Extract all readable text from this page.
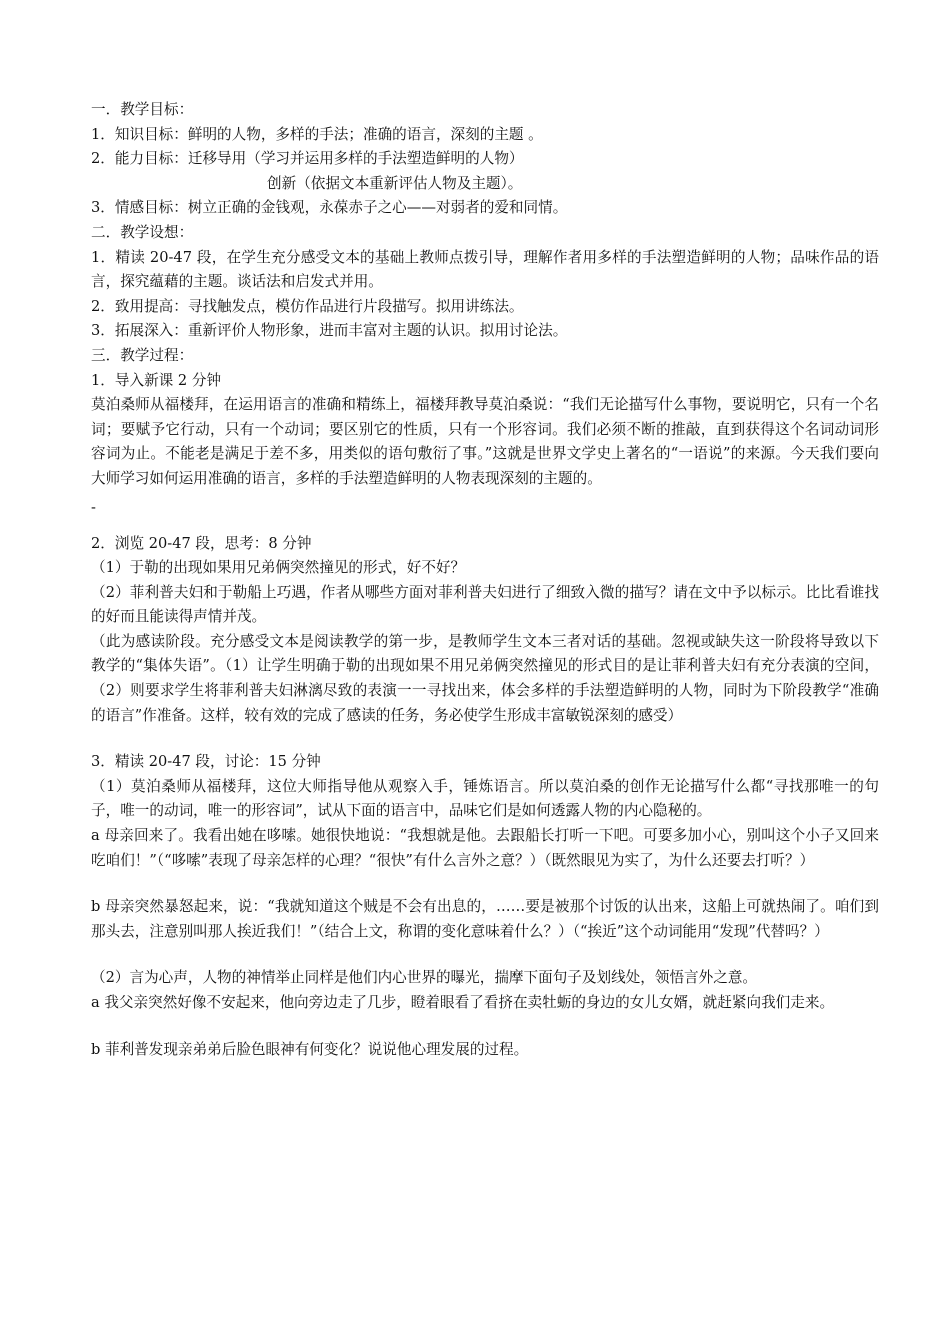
一．教学目标：
1．知识目标：鲜明的人物，多样的手法；准确的语言，深刻的主题 。
2．能力目标：迁移导用（学习并运用多样的手法塑造鲜明的人物）
创新（依据文本重新评估人物及主题）。
3．情感目标：树立正确的金钱观，永葆赤子之心——对弱者的爱和同情。
二．教学设想：
1．精读 20-47 段，在学生充分感受文本的基础上教师点拨引导，理解作者用多样的手法塑造鲜明的人物；品味作品的语言，探究蕴藉的主题。谈话法和启发式并用。
2．致用提高：寻找触发点，模仿作品进行片段描写。拟用讲练法。
3．拓展深入：重新评价人物形象，进而丰富对主题的认识。拟用讨论法。
三．教学过程：
1．导入新课 2 分钟
莫泊桑师从福楼拜，在运用语言的准确和精练上，福楼拜教导莫泊桑说：“我们无论描写什么事物，要说明它，只有一个名词；要赋予它行动，只有一个动词；要区别它的性质，只有一个形容词。我们必须不断的推敲，直到获得这个名词动词形容词为止。不能老是满足于差不多，用类似的语句敷衍了事。”这就是世界文学史上著名的“一语说”的来源。今天我们要向大师学习如何运用准确的语言，多样的手法塑造鲜明的人物表现深刻的主题的。
-
2．浏览 20-47 段，思考：8 分钟
（1）于勒的出现如果用兄弟俩突然撞见的形式，好不好？
（2）菲利普夫妇和于勒船上巧遇，作者从哪些方面对菲利普夫妇进行了细致入微的描写？请在文中予以标示。比比看谁找的好而且能读得声情并茂。
（此为感读阶段。充分感受文本是阅读教学的第一步，是教师学生文本三者对话的基础。忽视或缺失这一阶段将导致以下教学的“集体失语”。（1）让学生明确于勒的出现如果不用兄弟俩突然撞见的形式目的是让菲利普夫妇有充分表演的空间，（2）则要求学生将菲利普夫妇淋漓尽致的表演一一寻找出来，体会多样的手法塑造鲜明的人物，同时为下阶段教学“准确的语言”作准备。这样，较有效的完成了感读的任务，务必使学生形成丰富敏锐深刻的感受）
3．精读 20-47 段，讨论：15 分钟
（1）莫泊桑师从福楼拜，这位大师指导他从观察入手，锤炼语言。所以莫泊桑的创作无论描写什么都“寻找那唯一的句子，唯一的动词，唯一的形容词”，试从下面的语言中，品味它们是如何透露人物的内心隐秘的。
a 母亲回来了。我看出她在哆嗦。她很快地说：“我想就是他。去跟船长打听一下吧。可要多加小心，别叫这个小子又回来吃咱们！”（“哆嗦”表现了母亲怎样的心理？“很快”有什么言外之意？）（既然眼见为实了，为什么还要去打听？）
b 母亲突然暴怒起来，说：“我就知道这个贼是不会有出息的，……要是被那个讨饭的认出来，这船上可就热闹了。咱们到那头去，注意别叫那人挨近我们！”（结合上文，称谓的变化意味着什么？）（“挨近”这个动词能用“发现”代替吗？）
（2）言为心声，人物的神情举止同样是他们内心世界的曝光，揣摩下面句子及划线处，领悟言外之意。
a 我父亲突然好像不安起来，他向旁边走了几步，瞪着眼看了看挤在卖牡蛎的身边的女儿女婿，就赶紧向我们走来。
b 菲利普发现亲弟弟后脸色眼神有何变化？说说他心理发展的过程。
